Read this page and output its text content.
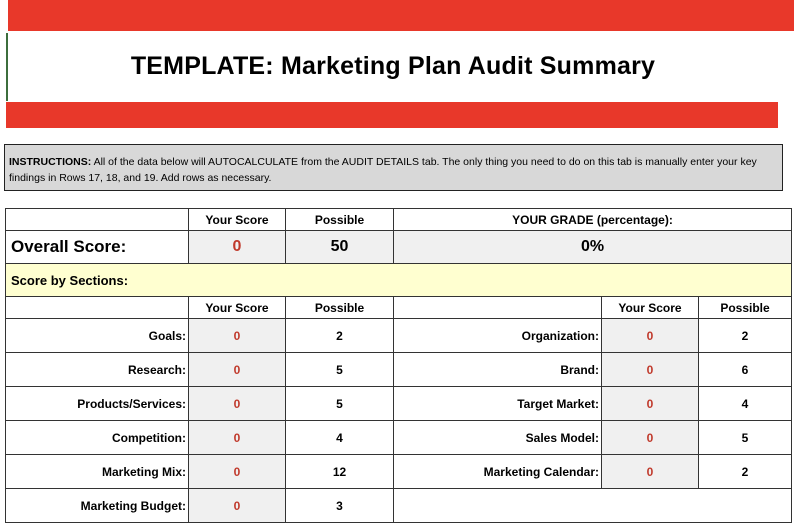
TEMPLATE: Marketing Plan Audit Summary
INSTRUCTIONS: All of the data below will AUTOCALCULATE from the AUDIT DETAILS tab. The only thing you need to do on this tab is manually enter your key findings in Rows 17, 18, and 19. Add rows as necessary.
	Your Score	Possible	YOUR GRADE (percentage):		
Overall Score:	0	50	0%		
Score by Sections:					
	Your Score	Possible		Your Score	Possible
Goals:	0	2	Organization:	0	2
Research:	0	5	Brand:	0	6
Products/Services:	0	5	Target Market:	0	4
Competition:	0	4	Sales Model:	0	5
Marketing Mix:	0	12	Marketing Calendar:	0	2
Marketing Budget:	0	3			
